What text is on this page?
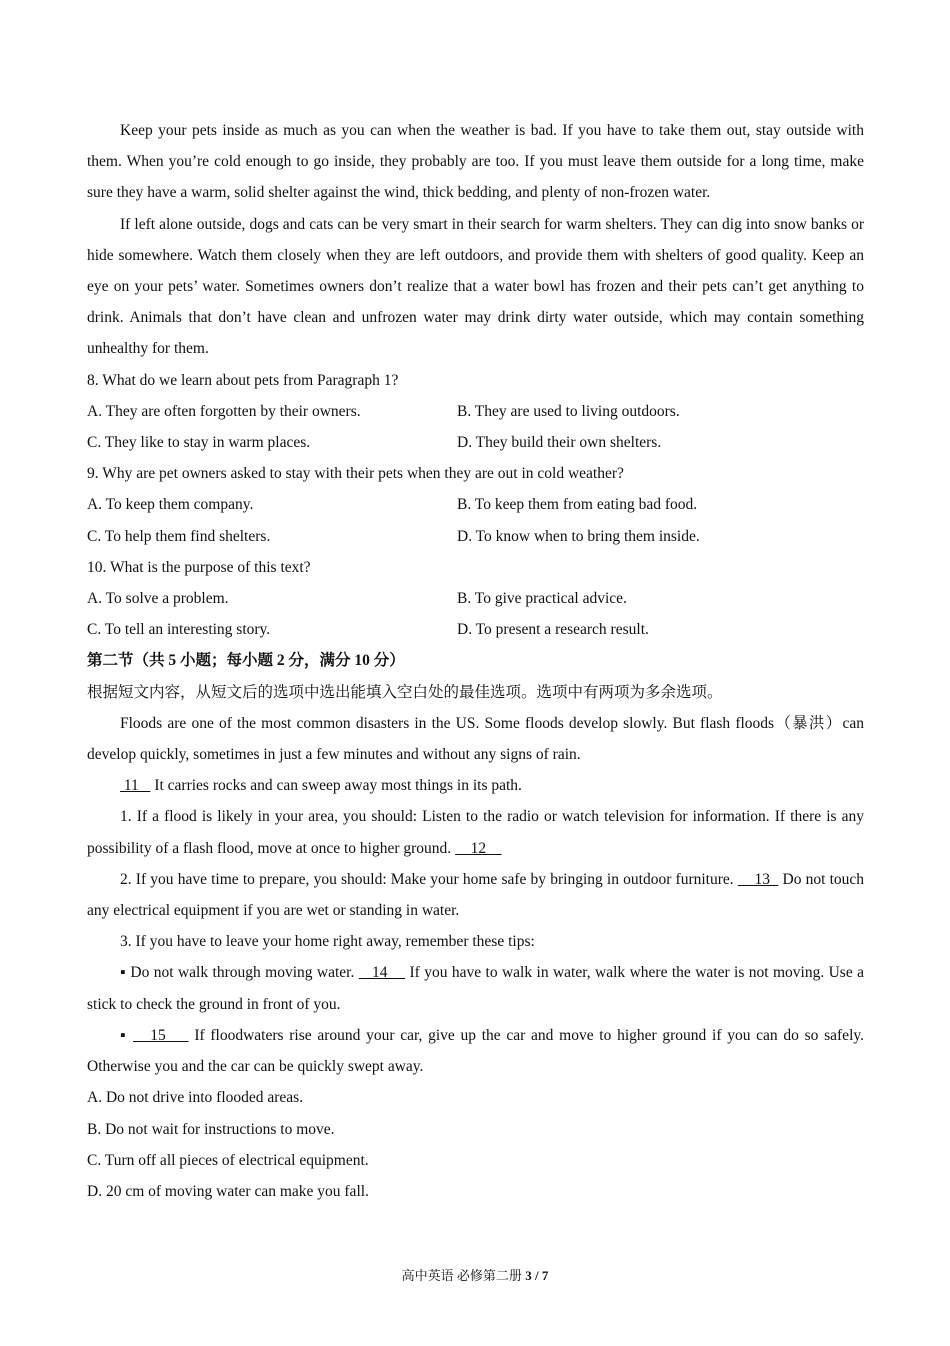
Keep your pets inside as much as you can when the weather is bad. If you have to take them out, stay outside with them. When you’re cold enough to go inside, they probably are too. If you must leave them outside for a long time, make sure they have a warm, solid shelter against the wind, thick bedding, and plenty of non-frozen water.
If left alone outside, dogs and cats can be very smart in their search for warm shelters. They can dig into snow banks or hide somewhere. Watch them closely when they are left outdoors, and provide them with shelters of good quality. Keep an eye on your pets’ water. Sometimes owners don’t realize that a water bowl has frozen and their pets can’t get anything to drink. Animals that don’t have clean and unfrozen water may drink dirty water outside, which may contain something unhealthy for them.
8. What do we learn about pets from Paragraph 1?
A. They are often forgotten by their owners.	B. They are used to living outdoors.
C. They like to stay in warm places.	D. They build their own shelters.
9. Why are pet owners asked to stay with their pets when they are out in cold weather?
A. To keep them company.	B. To keep them from eating bad food.
C. To help them find shelters.	D. To know when to bring them inside.
10. What is the purpose of this text?
A. To solve a problem.	B. To give practical advice.
C. To tell an interesting story.	D. To present a research result.
第二节（共 5 小题；每小题 2 分，满分 10 分）
根据短文内容，从短文后的选项中选出能填入空白处的最佳选项。选项中有两项为多余选项。
Floods are one of the most common disasters in the US. Some floods develop slowly. But flash floods（暴洪）can develop quickly, sometimes in just a few minutes and without any signs of rain.
11    It carries rocks and can sweep away most things in its path.
1. If a flood is likely in your area, you should: Listen to the radio or watch television for information. If there is any possibility of a flash flood, move at once to higher ground.     12
2. If you have time to prepare, you should: Make your home safe by bringing in outdoor furniture.     13   Do not touch any electrical equipment if you are wet or standing in water.
3. If you have to leave your home right away, remember these tips:
▪ Do not walk through moving water.    14     If you have to walk in water, walk where the water is not moving. Use a stick to check the ground in front of you.
▪    15     If floodwaters rise around your car, give up the car and move to higher ground if you can do so safely. Otherwise you and the car can be quickly swept away.
A. Do not drive into flooded areas.
B. Do not wait for instructions to move.
C. Turn off all pieces of electrical equipment.
D. 20 cm of moving water can make you fall.
高中英语 必修第二册 3 / 7
